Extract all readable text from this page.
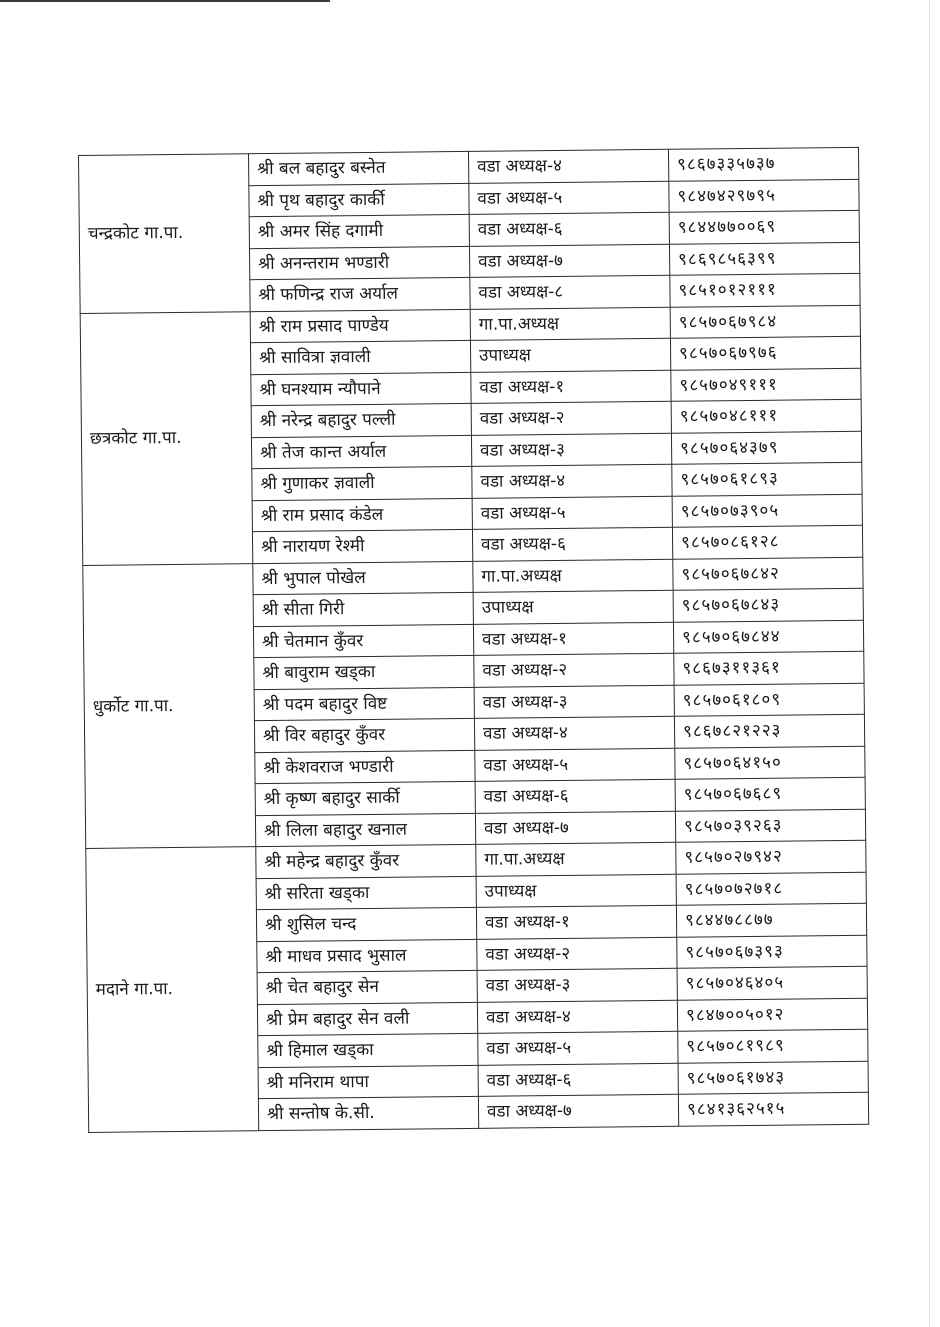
चन्द्रकोट गा.पा.	श्री बल बहादुर बस्नेत	वडा अध्यक्ष-४	९८६७३३५७३७
	श्री पृथ बहादुर कार्की	वडा अध्यक्ष-५	९८४७४२९७९५
	श्री अमर सिंह दगामी	वडा अध्यक्ष-६	९८४४७७००६९
	श्री अनन्तराम भण्डारी	वडा अध्यक्ष-७	९८६९८५६३९९
	श्री फणिन्द्र राज अर्याल	वडा अध्यक्ष-८	९८५१०१२१११
छत्रकोट गा.पा.	श्री राम प्रसाद पाण्डेय	गा.पा.अध्यक्ष	९८५७०६७९८४
	श्री सावित्रा ज्ञवाली	उपाध्यक्ष	९८५७०६७९७६
	श्री घनश्याम न्यौपाने	वडा अध्यक्ष-१	९८५७०४९१११
	श्री नरेन्द्र बहादुर पल्ली	वडा अध्यक्ष-२	९८५७०४८१११
	श्री तेज कान्त अर्याल	वडा अध्यक्ष-३	९८५७०६४३७९
	श्री गुणाकर ज्ञवाली	वडा अध्यक्ष-४	९८५७०६१८९३
	श्री राम प्रसाद कंडेल	वडा अध्यक्ष-५	९८५७०७३९०५
	श्री नारायण रेश्मी	वडा अध्यक्ष-६	९८५७०८६१२८
धुर्कोट गा.पा.	श्री भुपाल पोखेल	गा.पा.अध्यक्ष	९८५७०६७८४२
	श्री सीता गिरी	उपाध्यक्ष	९८५७०६७८४३
	श्री चेतमान कुँवर	वडा अध्यक्ष-१	९८५७०६७८४४
	श्री बावुराम खड्का	वडा अध्यक्ष-२	९८६७३११३६१
	श्री पदम बहादुर विष्ट	वडा अध्यक्ष-३	९८५७०६१८०९
	श्री विर बहादुर कुँवर	वडा अध्यक्ष-४	९८६७८२१२२३
	श्री केशवराज भण्डारी	वडा अध्यक्ष-५	९८५७०६४१५०
	श्री कृष्ण बहादुर सार्की	वडा अध्यक्ष-६	९८५७०६७६८९
	श्री लिला बहादुर खनाल	वडा अध्यक्ष-७	९८५७०३९२६३
मदाने गा.पा.	श्री महेन्द्र बहादुर कुँवर	गा.पा.अध्यक्ष	९८५७०२७९४२
	श्री सरिता खड्का	उपाध्यक्ष	९८५७०७२७१८
	श्री शुसिल चन्द	वडा अध्यक्ष-१	९८४४७८८७७
	श्री माधव प्रसाद भुसाल	वडा अध्यक्ष-२	९८५७०६७३९३
	श्री चेत बहादुर सेन	वडा अध्यक्ष-३	९८५७०४६४०५
	श्री प्रेम बहादुर सेन वली	वडा अध्यक्ष-४	९८४७००५०१२
	श्री हिमाल खड्का	वडा अध्यक्ष-५	९८५७०८१९८९
	श्री मनिराम थापा	वडा अध्यक्ष-६	९८५७०६१७४३
	श्री सन्तोष के.सी.	वडा अध्यक्ष-७	९८४१३६२५१५
